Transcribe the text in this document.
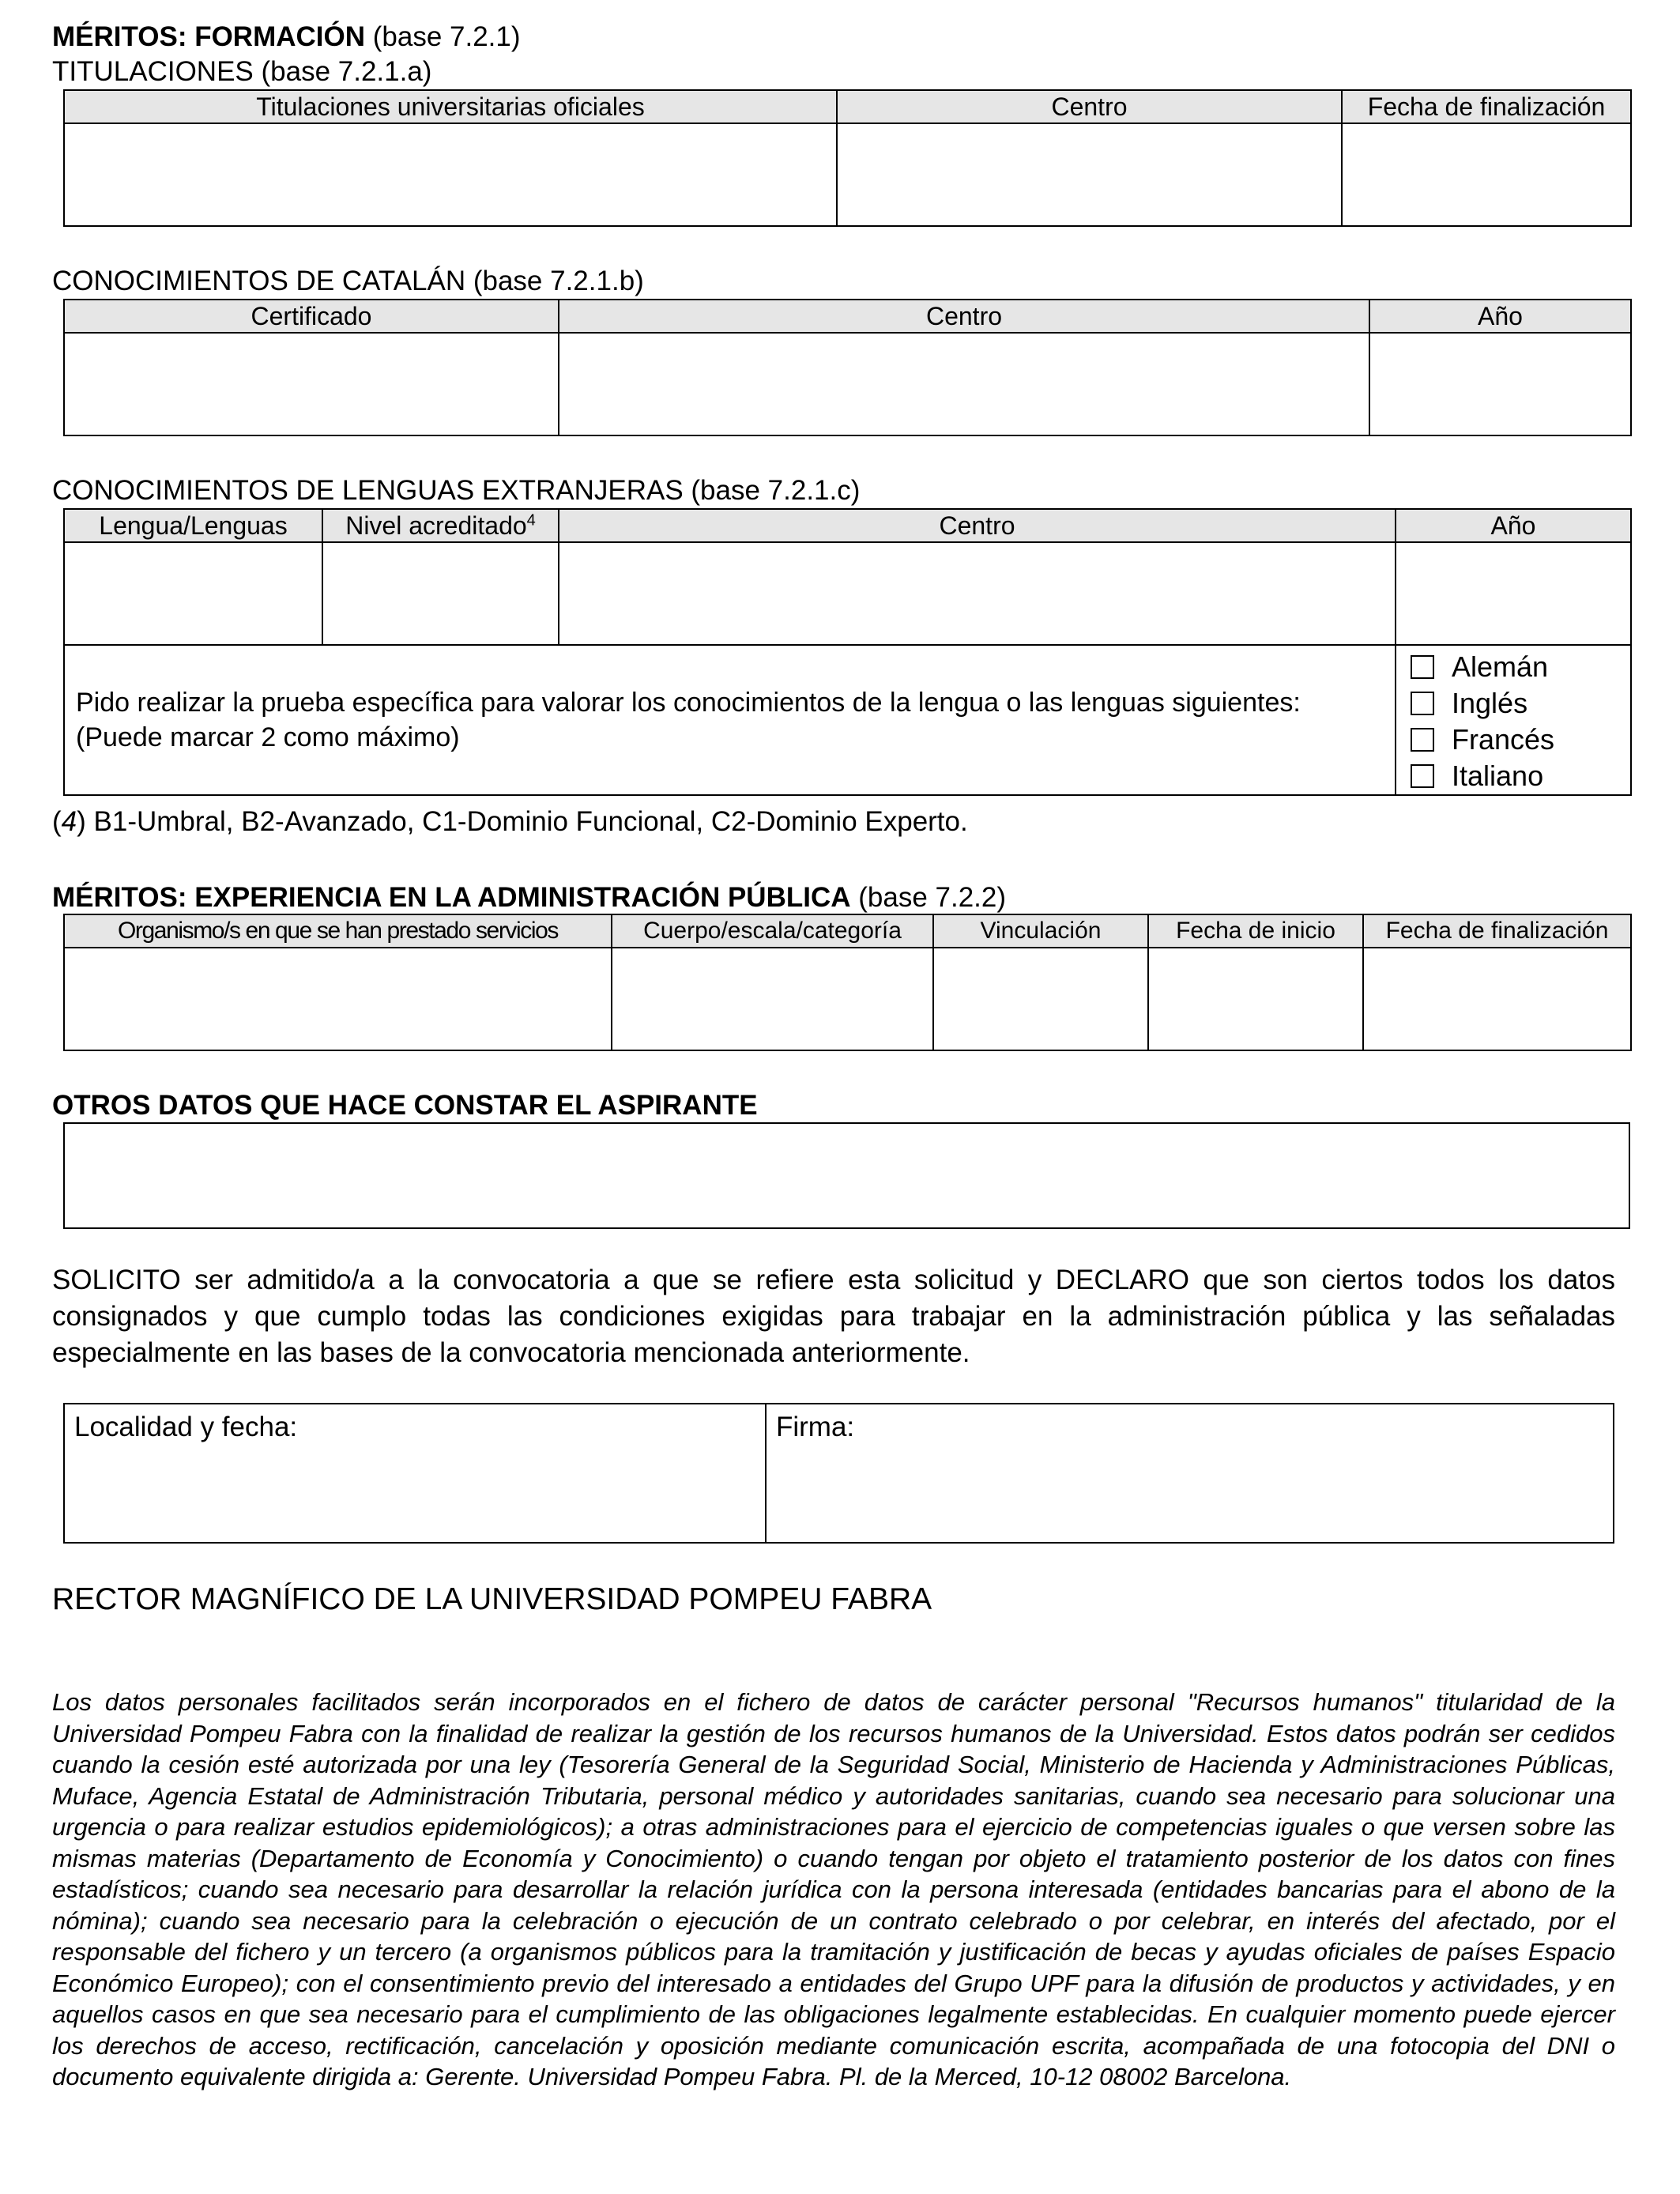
MÉRITOS: FORMACIÓN (base 7.2.1)
TITULACIONES (base 7.2.1.a)
Titulaciones universitarias oficiales	Centro	Fecha de finalización

CONOCIMIENTOS DE CATALÁN (base 7.2.1.b)
Certificado	Centro	Año

CONOCIMIENTOS DE LENGUAS EXTRANJERAS (base 7.2.1.c)
Lengua/Lenguas	Nivel acreditado$^4$	Centro	Año

Pido realizar la prueba específica para valorar los conocimientos de la lengua o las lenguas siguientes: (Puede marcar 2 como máximo)			Alemán
Inglés
Francés
Italiano
(4) B1-Umbral, B2-Avanzado, C1-Dominio Funcional, C2-Dominio Experto.
MÉRITOS: EXPERIENCIA EN LA ADMINISTRACIÓN PÚBLICA (base 7.2.2)
Organismo/s en que se han prestado servicios	Cuerpo/escala/categoría	Vinculación	Fecha de inicio	Fecha de finalización

OTROS DATOS QUE HACE CONSTAR EL ASPIRANTE
SOLICITO ser admitido/a a la convocatoria a que se refiere esta solicitud y DECLARO que son ciertos todos los datos consignados y que cumplo todas las condiciones exigidas para trabajar en la administración pública y las señaladas especialmente en las bases de la convocatoria mencionada anteriormente.
Localidad y fecha:	Firma:
RECTOR MAGNÍFICO DE LA UNIVERSIDAD POMPEU FABRA
Los datos personales facilitados serán incorporados en el fichero de datos de carácter personal "Recursos humanos" titularidad de la Universidad Pompeu Fabra con la finalidad de realizar la gestión de los recursos humanos de la Universidad. Estos datos podrán ser cedidos cuando la cesión esté autorizada por una ley (Tesorería General de la Seguridad Social, Ministerio de Hacienda y Administraciones Públicas, Muface, Agencia Estatal de Administración Tributaria, personal médico y autoridades sanitarias, cuando sea necesario para solucionar una urgencia o para realizar estudios epidemiológicos); a otras administraciones para el ejercicio de competencias iguales o que versen sobre las mismas materias (Departamento de Economía y Conocimiento) o cuando tengan por objeto el tratamiento posterior de los datos con fines estadísticos; cuando sea necesario para desarrollar la relación jurídica con la persona interesada (entidades bancarias para el abono de la nómina); cuando sea necesario para la celebración o ejecución de un contrato celebrado o por celebrar, en interés del afectado, por el responsable del fichero y un tercero (a organismos públicos para la tramitación y justificación de becas y ayudas oficiales de países Espacio Económico Europeo); con el consentimiento previo del interesado a entidades del Grupo UPF para la difusión de productos y actividades, y en aquellos casos en que sea necesario para el cumplimiento de las obligaciones legalmente establecidas. En cualquier momento puede ejercer los derechos de acceso, rectificación, cancelación y oposición mediante comunicación escrita, acompañada de una fotocopia del DNI o documento equivalente dirigida a: Gerente. Universidad Pompeu Fabra. Pl. de la Merced, 10-12 08002 Barcelona.
